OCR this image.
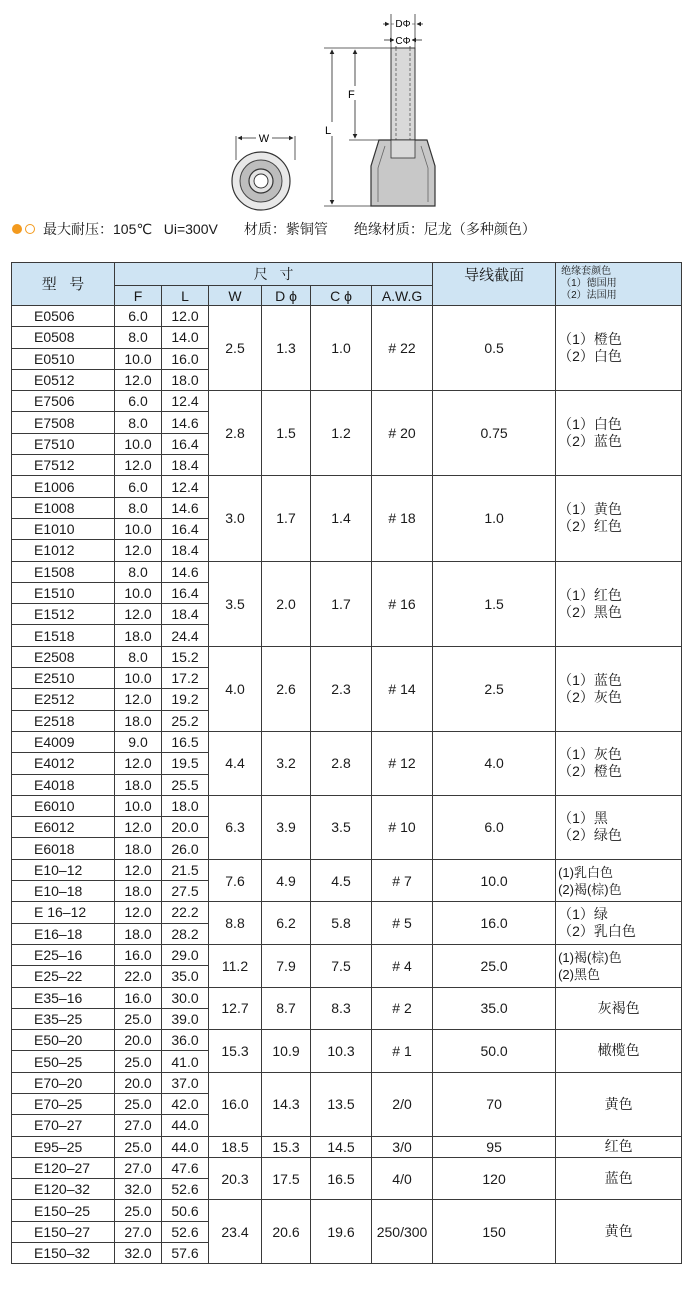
W
DΦ
CΦ
F
L
最大耐压：105℃   Ui=300V 材质：紫铜管 绝缘材质：尼龙（多种颜色）
型   号	尺   寸						导线截面	绝缘套颜色
（1）德国用
（2）法国用

	F	L	W	D ϕ	C ϕ	A.W.G		
E0506	6.0	12.0	2.5	1.3	1.0	# 22	0.5	（1）橙色
（2）白色

E0508	8.0	14.0						
E0510	10.0	16.0						
E0512	12.0	18.0						
E7506	6.0	12.4	2.8	1.5	1.2	# 20	0.75	（1）白色
（2）蓝色

E7508	8.0	14.6						
E7510	10.0	16.4						
E7512	12.0	18.4						
E1006	6.0	12.4	3.0	1.7	1.4	# 18	1.0	（1）黄色
（2）红色

E1008	8.0	14.6						
E1010	10.0	16.4						
E1012	12.0	18.4						
E1508	8.0	14.6	3.5	2.0	1.7	# 16	1.5	（1）红色
（2）黑色

E1510	10.0	16.4						
E1512	12.0	18.4						
E1518	18.0	24.4						
E2508	8.0	15.2	4.0	2.6	2.3	# 14	2.5	（1）蓝色
（2）灰色

E2510	10.0	17.2						
E2512	12.0	19.2						
E2518	18.0	25.2						
E4009	9.0	16.5	4.4	3.2	2.8	# 12	4.0	（1）灰色
（2）橙色

E4012	12.0	19.5						
E4018	18.0	25.5						
E6010	10.0	18.0	6.3	3.9	3.5	# 10	6.0	（1）黑
（2）绿色

E6012	12.0	20.0						
E6018	18.0	26.0						
E10–12	12.0	21.5	7.6	4.9	4.5	# 7	10.0	(1)乳白色
(2)褐(棕)色

E10–18	18.0	27.5						
E 16–12	12.0	22.2	8.8	6.2	5.8	# 5	16.0	（1）绿
（2）乳白色

E16–18	18.0	28.2						
E25–16	16.0	29.0	11.2	7.9	7.5	# 4	25.0	(1)褐(棕)色
(2)黑色

E25–22	22.0	35.0						
E35–16	16.0	30.0	12.7	8.7	8.3	# 2	35.0	灰褐色

E35–25	25.0	39.0						
E50–20	20.0	36.0	15.3	10.9	10.3	# 1	50.0	橄榄色

E50–25	25.0	41.0						
E70–20	20.0	37.0	16.0	14.3	13.5	2/0	70	黄色

E70–25	25.0	42.0						
E70–27	27.0	44.0						
E95–25	25.0	44.0	18.5	15.3	14.5	3/0	95	红色

E120–27	27.0	47.6	20.3	17.5	16.5	4/0	120	蓝色

E120–32	32.0	52.6						
E150–25	25.0	50.6	23.4	20.6	19.6	250/300	150	黄色

E150–27	27.0	52.6						
E150–32	32.0	57.6						
